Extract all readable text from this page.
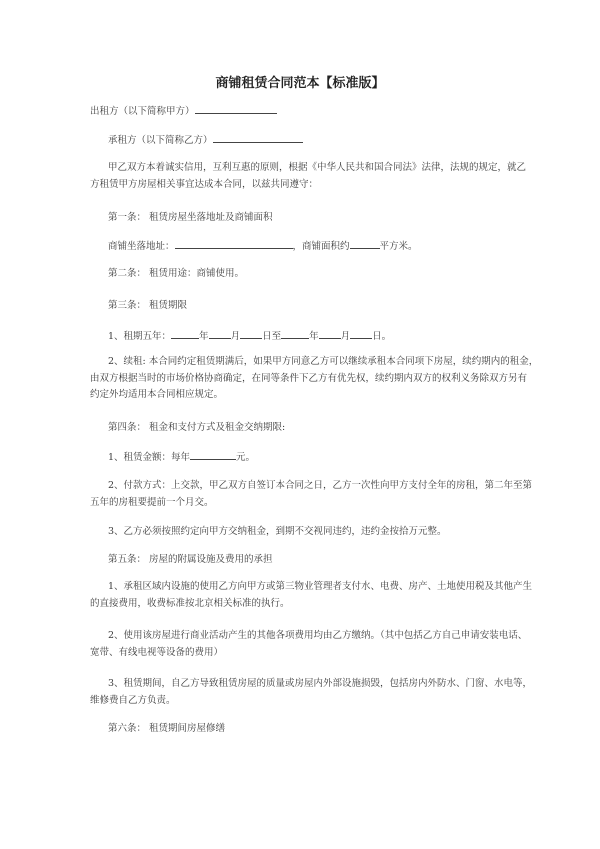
商铺租赁合同范本【标准版】
出租方（以下简称甲方）
承租方（以下简称乙方）
甲乙双方本着诚实信用，互利互惠的原则，根据《中华人民共和国合同法》法律，法规的规定，就乙
方租赁甲方房屋相关事宜达成本合同，以兹共同遵守：
第一条： 租赁房屋坐落地址及商铺面积
商铺坐落地址：	，商铺面积约	平方米。
第二条： 租赁用途：商铺使用。
第三条： 租赁期限
1、租期五年：	年 月 日至	年 月 日。
2、续租: 本合同约定租赁期满后，如果甲方同意乙方可以继续承租本合同项下房屋，续约期内的租金，
由双方根据当时的市场价格协商确定，在同等条件下乙方有优先权，续约期内双方的权利义务除双方另有
约定外均适用本合同相应规定。
第四条： 租金和支付方式及租金交纳期限:
1、租赁金额：每年	元。
2、付款方式：上交款，甲乙双方自签订本合同之日，乙方一次性向甲方支付全年的房租，第二年至第
五年的房租要提前一个月交。
3、乙方必须按照约定向甲方交纳租金，到期不交视同违约，违约金按拾万元整。
第五条： 房屋的附属设施及费用的承担
1、承租区域内设施的使用乙方向甲方或第三物业管理者支付水、电费、房产、土地使用税及其他产生
的直接费用，收费标准按北京相关标准的执行。
2、使用该房屋进行商业活动产生的其他各项费用均由乙方缴纳。（其中包括乙方自己申请安装电话、
宽带、有线电视等设备的费用）
3、租赁期间，自乙方导致租赁房屋的质量或房屋内外部设施损毁，包括房内外防水、门窗、水电等，
维修费自乙方负责。
第六条： 租赁期间房屋修缮
